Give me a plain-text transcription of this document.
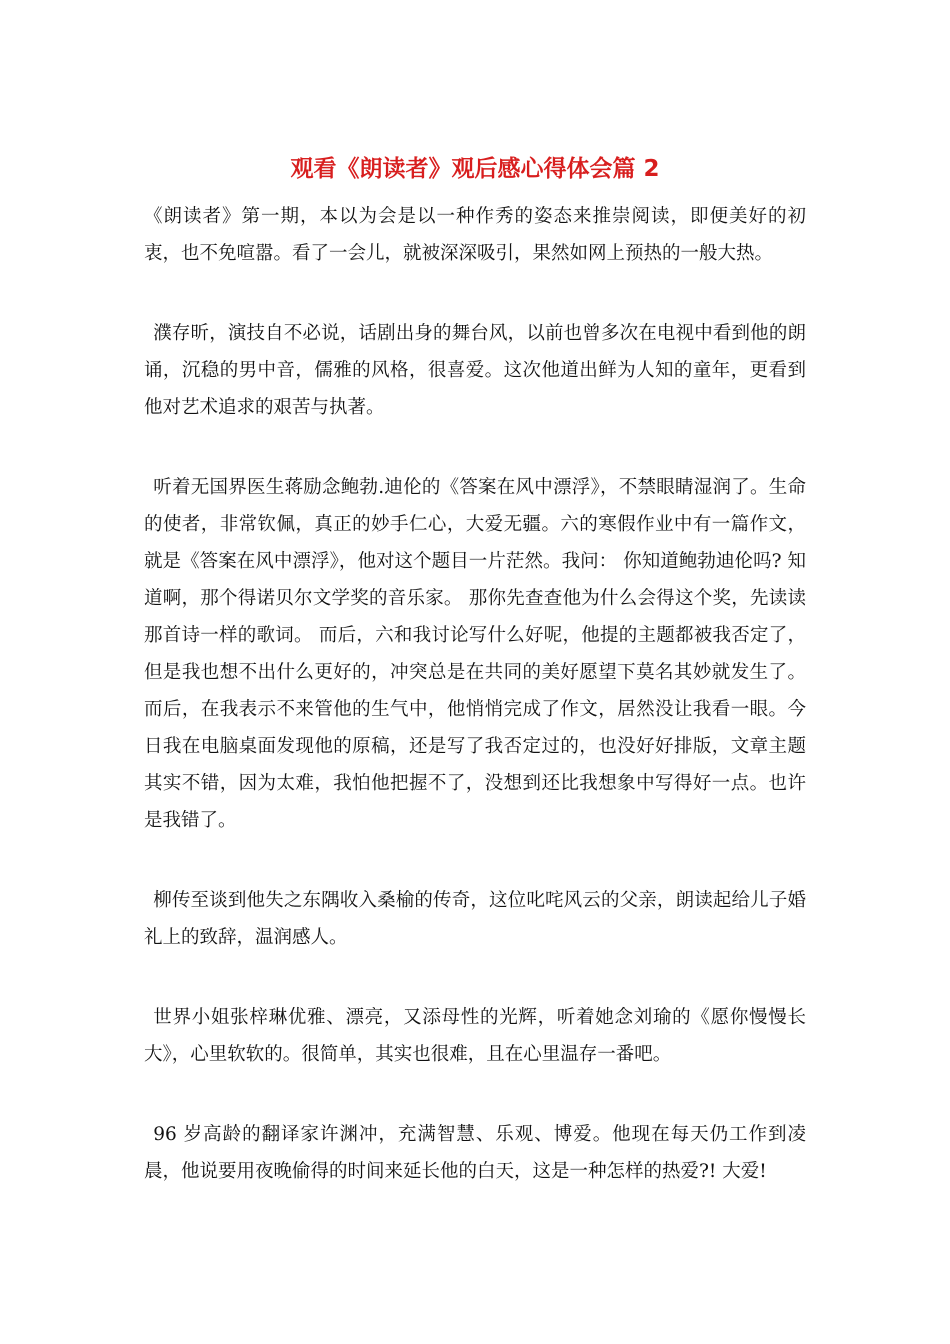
观看《朗读者》观后感心得体会篇 2

《朗读者》第一期，本以为会是以一种作秀的姿态来推崇阅读，即便美好的初衷，也不免喧嚣。看了一会儿，就被深深吸引，果然如网上预热的一般大热。

濮存昕，演技自不必说，话剧出身的舞台风，以前也曾多次在电视中看到他的朗诵，沉稳的男中音，儒雅的风格，很喜爱。这次他道出鲜为人知的童年，更看到他对艺术追求的艰苦与执著。

听着无国界医生蒋励念鲍勃.迪伦的《答案在风中漂浮》，不禁眼睛湿润了。生命的使者，非常钦佩，真正的妙手仁心，大爱无疆。六的寒假作业中有一篇作文，就是《答案在风中漂浮》，他对这个题目一片茫然。我问： 你知道鲍勃迪伦吗? 知道啊，那个得诺贝尔文学奖的音乐家。 那你先查查他为什么会得这个奖，先读读那首诗一样的歌词。 而后，六和我讨论写什么好呢，他提的主题都被我否定了，但是我也想不出什么更好的，冲突总是在共同的美好愿望下莫名其妙就发生了。而后，在我表示不来管他的生气中，他悄悄完成了作文，居然没让我看一眼。今日我在电脑桌面发现他的原稿，还是写了我否定过的，也没好好排版，文章主题其实不错，因为太难，我怕他把握不了，没想到还比我想象中写得好一点。也许是我错了。

柳传至谈到他失之东隅收入桑榆的传奇，这位叱咤风云的父亲，朗读起给儿子婚礼上的致辞，温润感人。

世界小姐张梓琳优雅、漂亮，又添母性的光辉，听着她念刘瑜的《愿你慢慢长大》，心里软软的。很简单，其实也很难，且在心里温存一番吧。

96 岁高龄的翻译家许渊冲，充满智慧、乐观、博爱。他现在每天仍工作到凌晨，他说要用夜晚偷得的时间来延长他的白天，这是一种怎样的热爱?! 大爱!
